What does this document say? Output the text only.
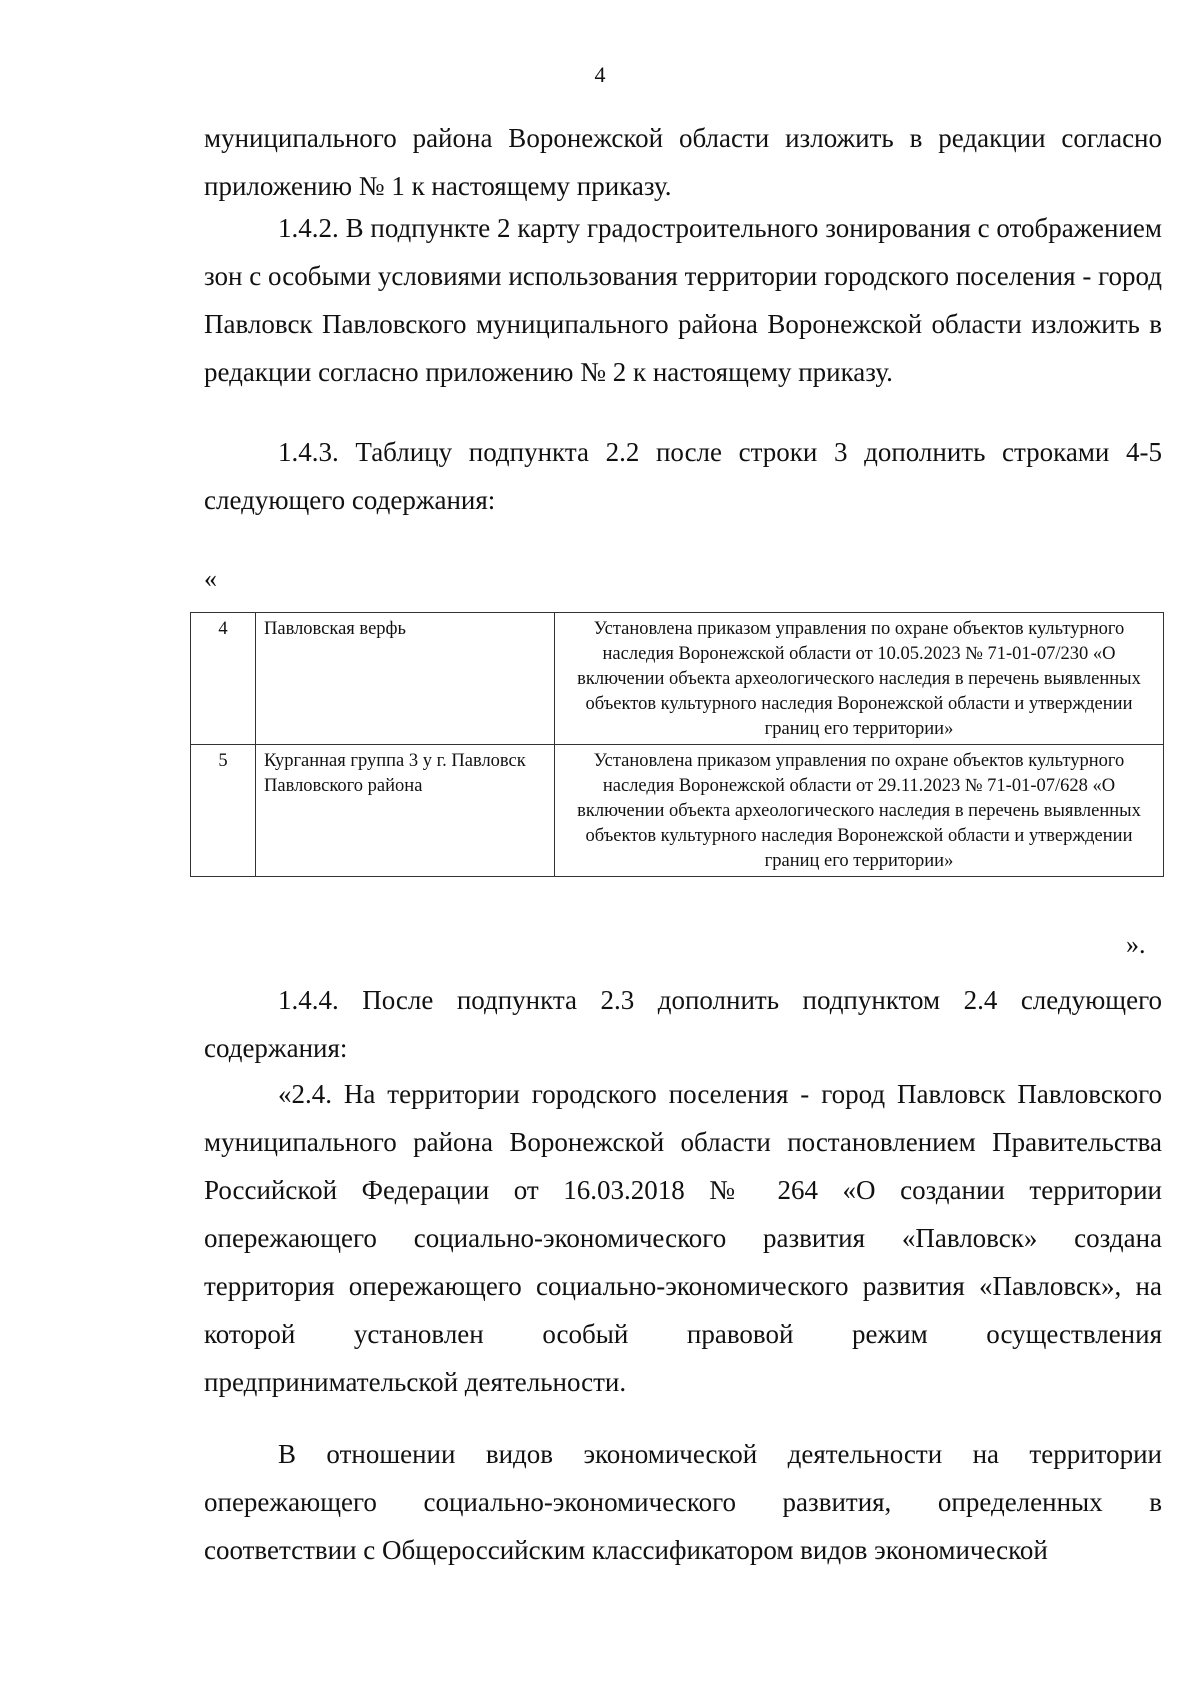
4

муниципального района Воронежской области изложить в редакции согласно приложению № 1 к настоящему приказу.

1.4.2. В подпункте 2 карту градостроительного зонирования с отображением зон с особыми условиями использования территории городского поселения - город Павловск Павловского муниципального района Воронежской области изложить в редакции согласно приложению № 2 к настоящему приказу.

1.4.3. Таблицу подпункта 2.2 после строки 3 дополнить строками 4-5 следующего содержания:

«
4	Павловская верфь	Установлена приказом управления по охране объектов культурного наследия Воронежской области от 10.05.2023 № 71-01-07/230 «О включении объекта археологического наследия в перечень выявленных объектов культурного наследия Воронежской области и утверждении границ его территории»
5	Курганная группа 3 у г. Павловск Павловского района	Установлена приказом управления по охране объектов культурного наследия Воронежской области от 29.11.2023 № 71-01-07/628 «О включении объекта археологического наследия в перечень выявленных объектов культурного наследия Воронежской области и утверждении границ его территории»
».

1.4.4. После подпункта 2.3 дополнить подпунктом 2.4 следующего содержания:

«2.4. На территории городского поселения - город Павловск Павловского муниципального района Воронежской области постановлением Правительства Российской Федерации от 16.03.2018 № 264 «О создании территории опережающего социально-экономического развития «Павловск» создана территория опережающего социально-экономического развития «Павловск», на которой установлен особый правовой режим осуществления предпринимательской деятельности.

В отношении видов экономической деятельности на территории опережающего социально-экономического развития, определенных в соответствии с Общероссийским классификатором видов экономической
